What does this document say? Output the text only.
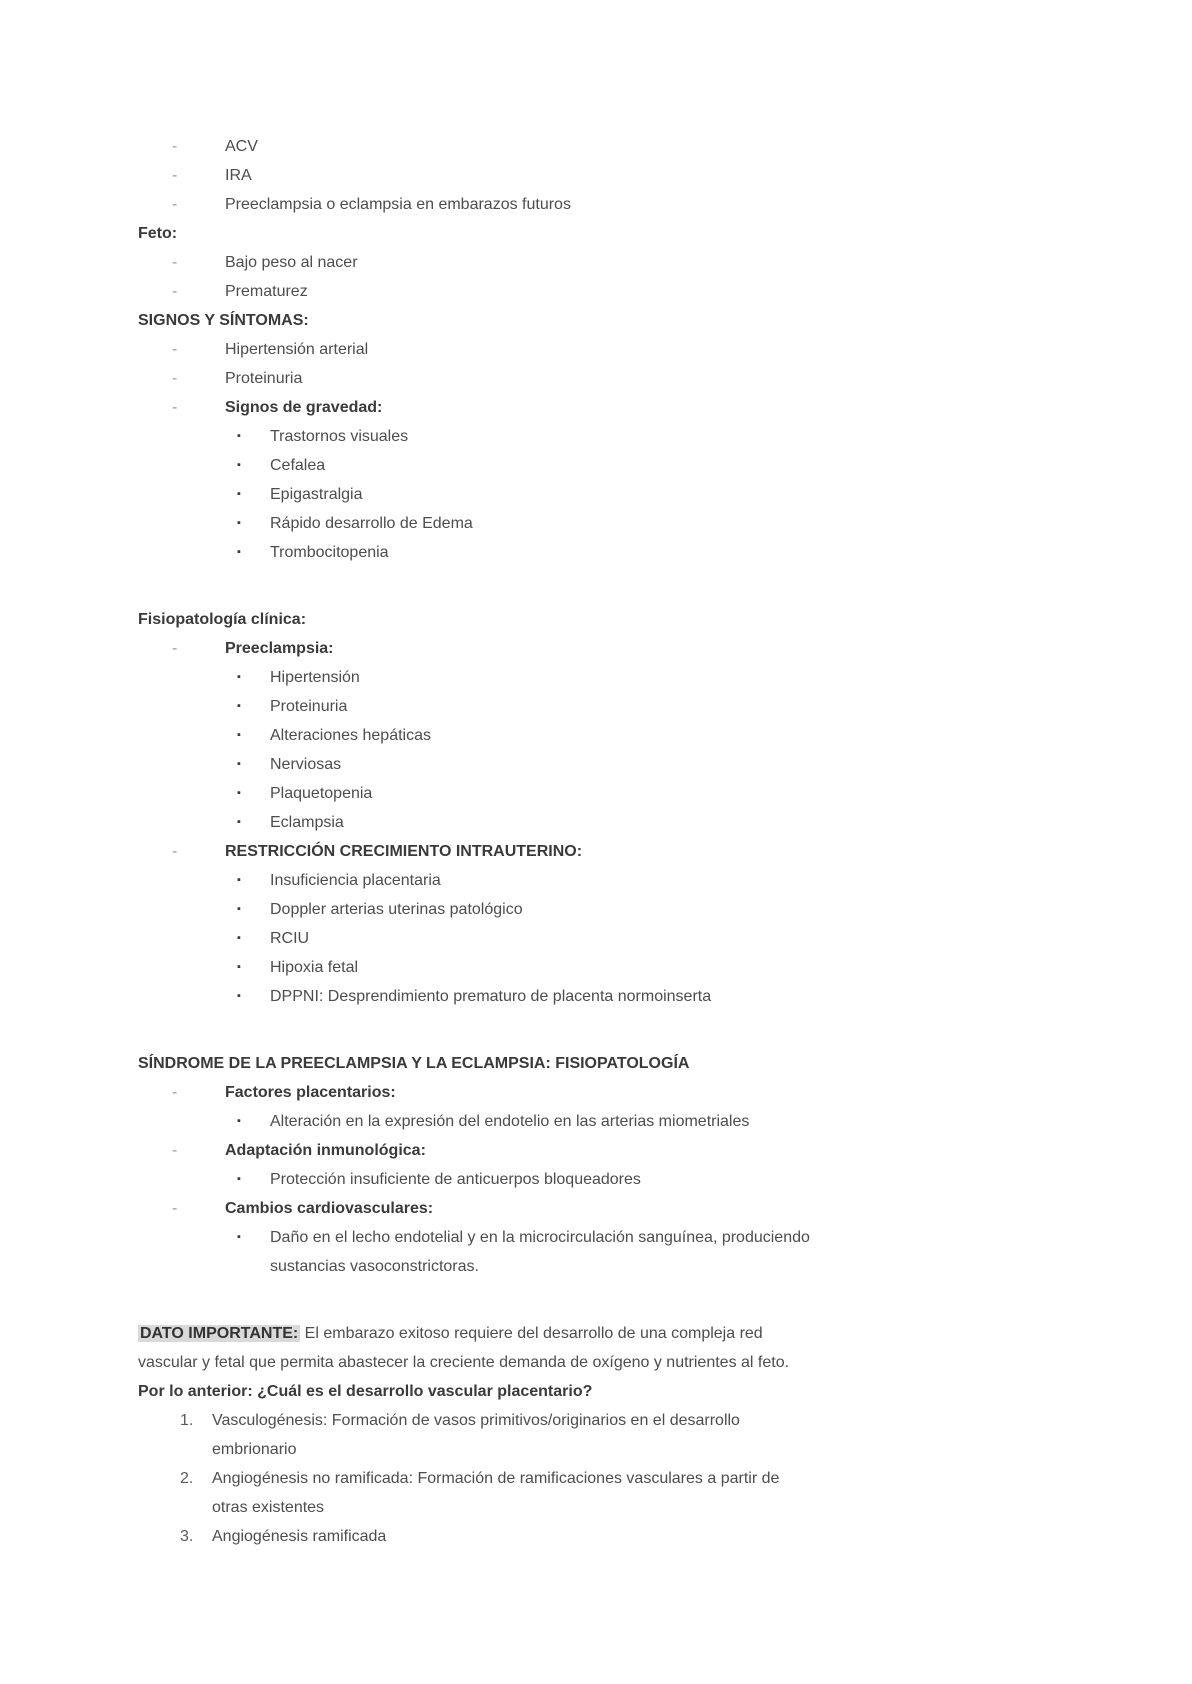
-	ACV
-	IRA
-	Preeclampsia o eclampsia en embarazos futuros
Feto:
-	Bajo peso al nacer
-	Prematurez
SIGNOS Y SÍNTOMAS:
-	Hipertensión arterial
-	Proteinuria
-	Signos de gravedad:
▪	Trastornos visuales
▪	Cefalea
▪	Epigastralgia
▪	Rápido desarrollo de Edema
▪	Trombocitopenia
Fisiopatología clínica:
-	Preeclampsia:
▪	Hipertensión
▪	Proteinuria
▪	Alteraciones hepáticas
▪	Nerviosas
▪	Plaquetopenia
▪	Eclampsia
-	RESTRICCIÓN CRECIMIENTO INTRAUTERINO:
▪	Insuficiencia placentaria
▪	Doppler arterias uterinas patológico
▪	RCIU
▪	Hipoxia fetal
▪	DPPNI: Desprendimiento prematuro de placenta normoinserta
SÍNDROME DE LA PREECLAMPSIA Y LA ECLAMPSIA: FISIOPATOLOGÍA
-	Factores placentarios:
▪	Alteración en la expresión del endotelio en las arterias miometriales
-	Adaptación inmunológica:
▪	Protección insuficiente de anticuerpos bloqueadores
-	Cambios cardiovasculares:
▪	Daño en el lecho endotelial y en la microcirculación sanguínea, produciendo
sustancias vasoconstrictoras.

DATO IMPORTANTE: El embarazo exitoso requiere del desarrollo de una compleja red
vascular y fetal que permita abastecer la creciente demanda de oxígeno y nutrientes al feto.

Por lo anterior: ¿Cuál es el desarrollo vascular placentario?
1.	Vasculogénesis: Formación de vasos primitivos/originarios en el desarrollo
embrionario
2.	Angiogénesis no ramificada: Formación de ramificaciones vasculares a partir de
otras existentes
3.	Angiogénesis ramificada
